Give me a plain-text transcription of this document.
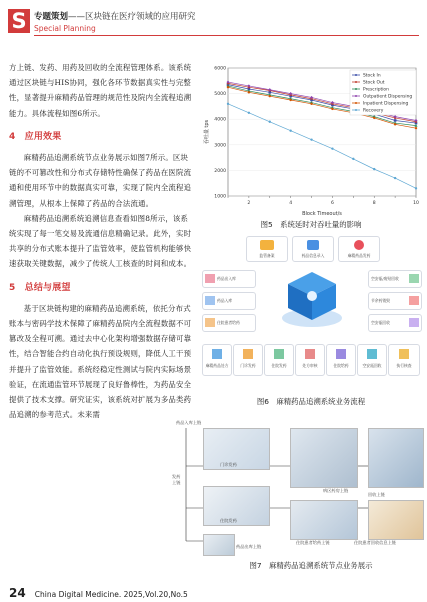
S 专题策划——区块链在医疗领域的应用研究
Special Planning

方上链、发药、用药及回收的全流程管理体系。该系统通过区块链与HIS协同，强化各环节数据真实性与完整性，显著提升麻精药品管理的规范性及院内全流程追溯能力。具体流程如图6所示。

4　应用效果

麻精药品追溯系统节点业务展示如图7所示。区块链的不可篡改性和分布式存储特性确保了药品在医院流通和使用环节中的数据真实可靠，实现了院内全流程追溯管理，从根本上保障了药品的合法流通。

麻精药品追溯系统追溯信息查看如图8所示，该系统实现了每一笔交易及流通信息精确记录。此外，实时共享的分布式账本提升了监管效率，使监管机构能够快速获取关键数据，减少了传统人工核查的时间和成本。

5　总结与展望

基于区块链构建的麻精药品追溯系统，依托分布式账本与密码学技术保障了麻精药品院内全流程数据不可篡改及全程可溯。通过去中心化架构增强数据存储可靠性，结合智能合约自动化执行预设规则，降低人工干预并提升了监管效能。系统经稳定性测试与院内实际场景验证，在流通监管环节展现了良好鲁棒性，为药品安全提供了技术支撑。研究证实，该系统对扩展为多品类药品追溯的参考范式。未来需

1000
2000
3000
4000
5000
6000
2	4	6	8	10
Block Timeout/s
吞吐量 tps
Stock In
Stock Out
Prescription
Outpatient Dispensing
Inpatient Dispensing
Recovery
图5　系统延时对吞吐量的影响
监管备案	药品信息录入	麻精药品发药
药品出入库
药品入库
住院患者给药
空安瓿/废贴回收
节余药销毁
空安瓿回收
麻精药品处方	门诊发药	住院发药	处方审核	住院给药	空安瓿回收	执行核查
图6　麻精药品追溯系统业务流程
药品入库上链
发药上链
门诊发药
病区药房上链
住院发药
住院患者给药上链	住院患者回收信息上链
回收上链
药品出库上链
图7　麻精药品追溯系统节点业务展示
24 China Digital Medicine. 2025,Vol.20,No.5
